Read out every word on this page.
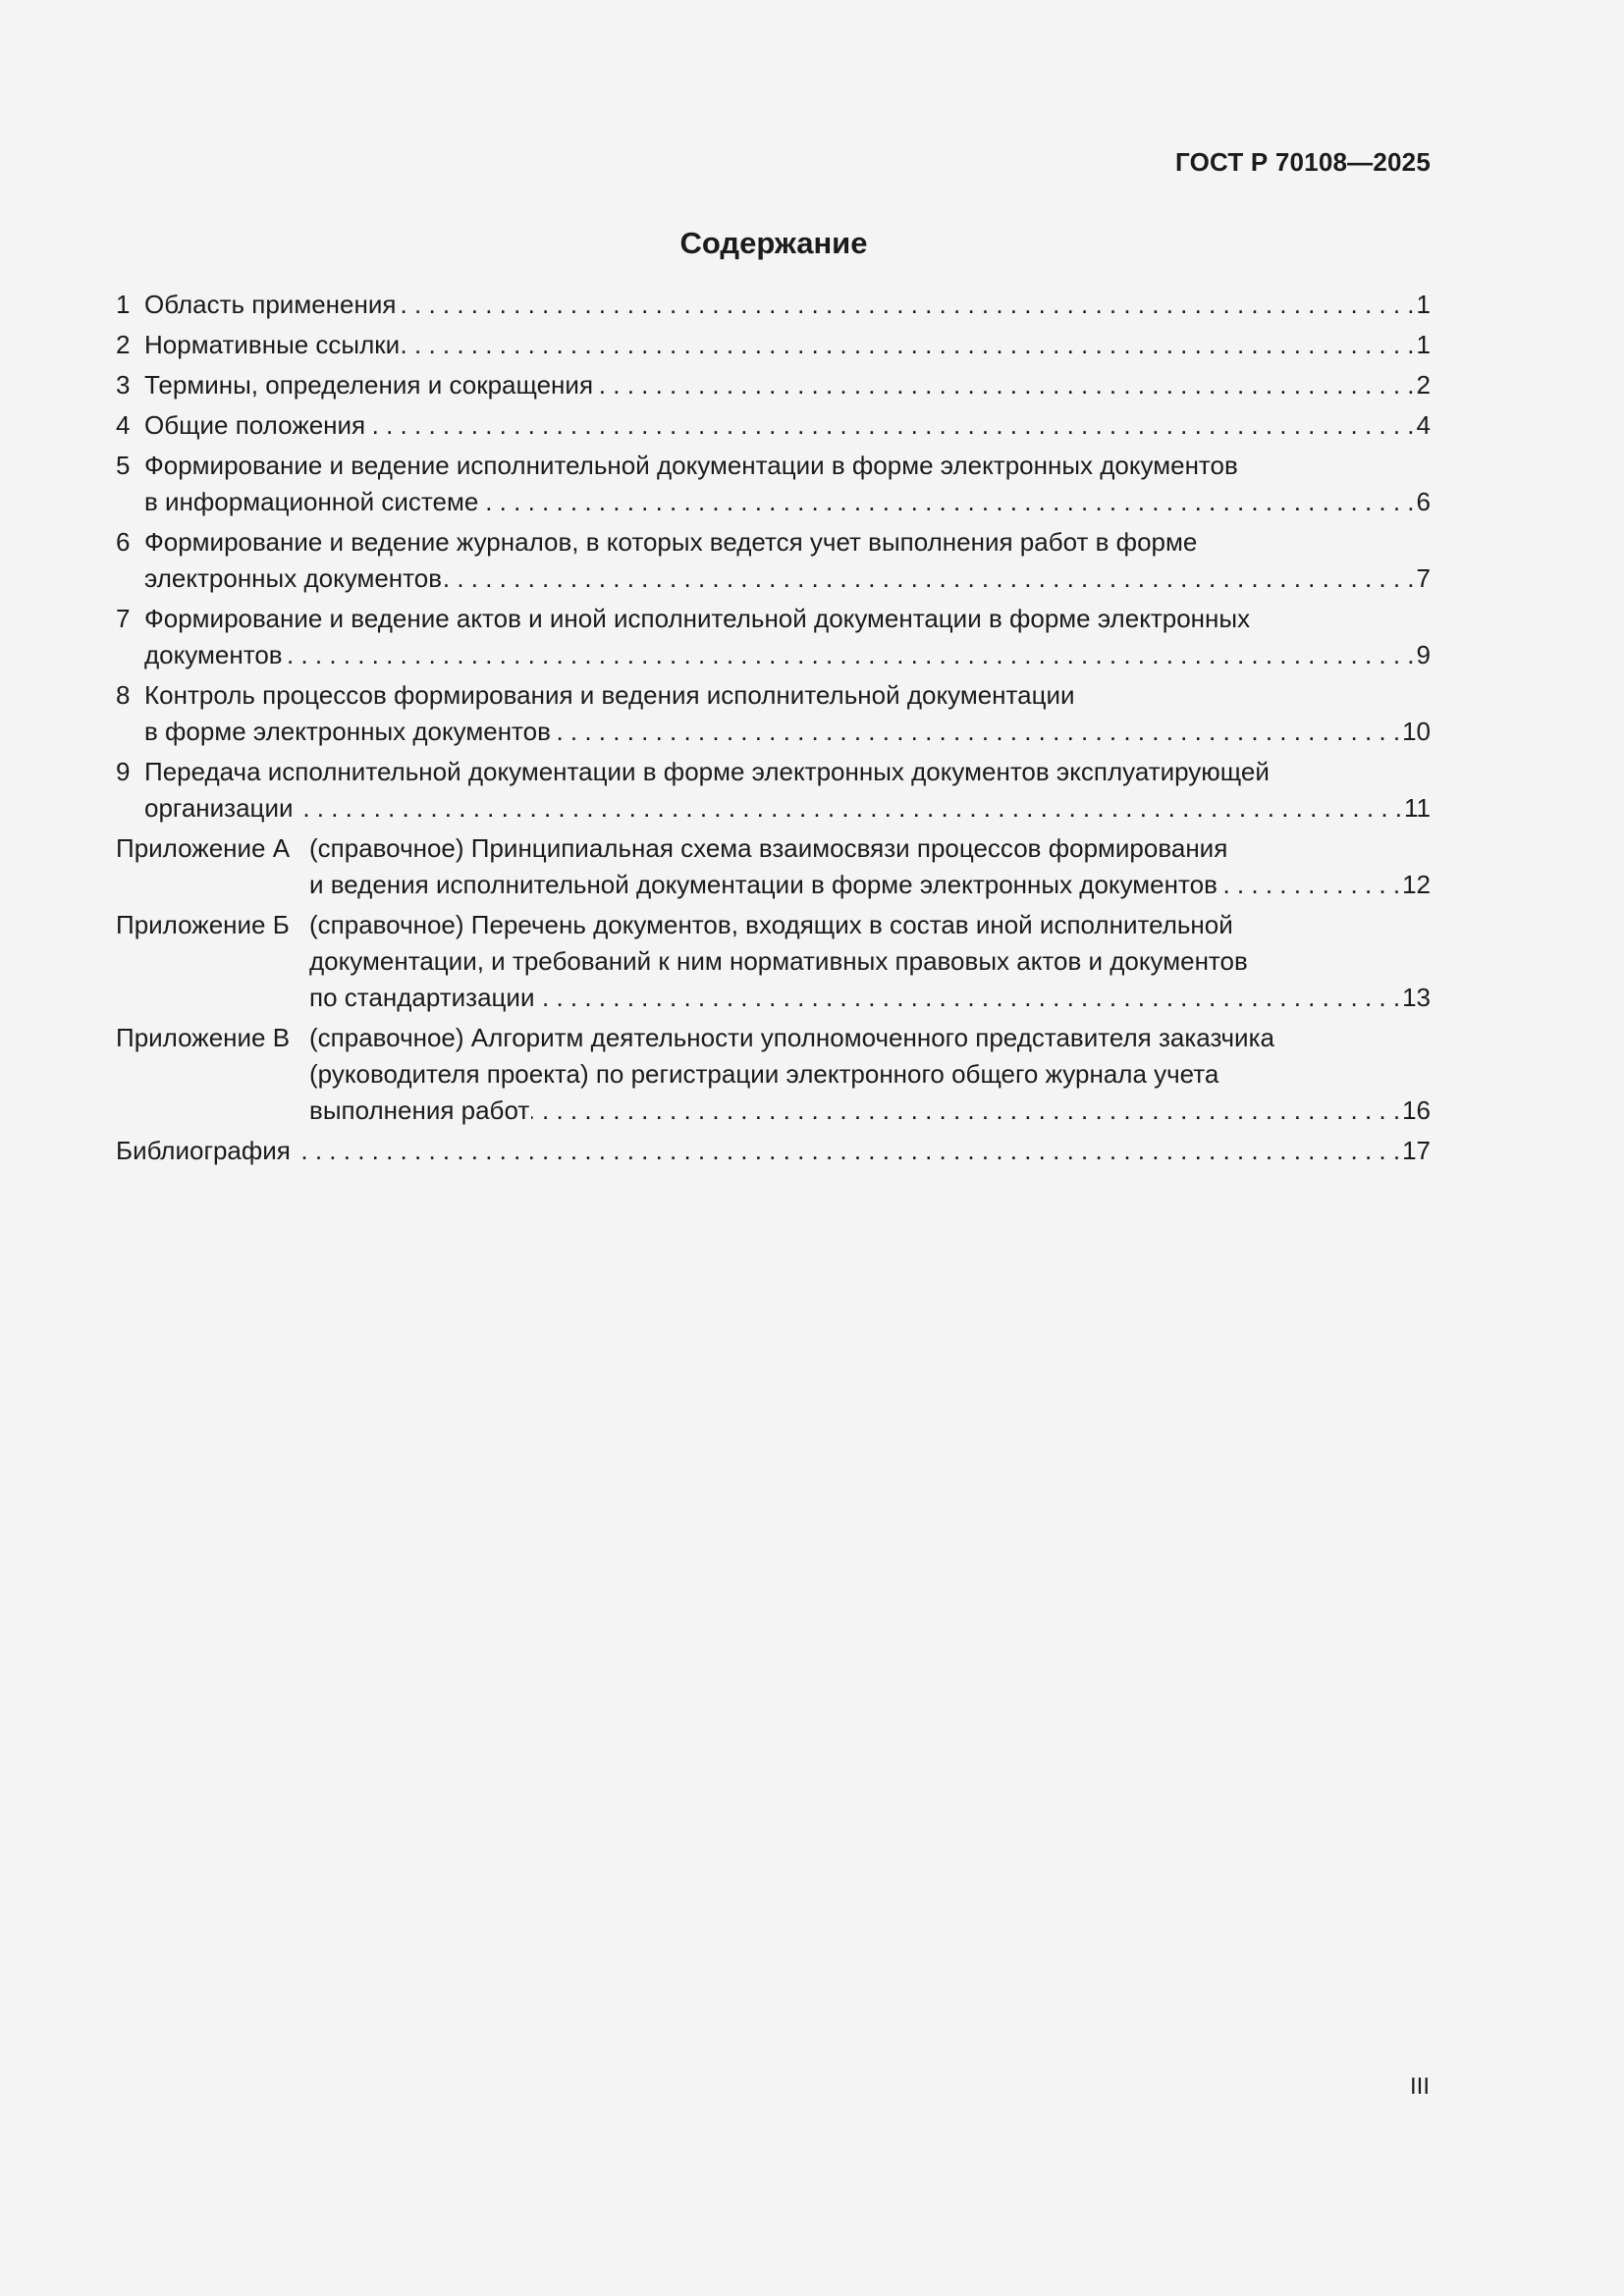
ГОСТ Р 70108—2025
Содержание
1 Область применения . . .	1
2 Нормативные ссылки . . .	1
3 Термины, определения и сокращения . . .	2
4 Общие положения . . .	4
5 Формирование и ведение исполнительной документации в форме электронных документов
в информационной системе . . .	6
6 Формирование и ведение журналов, в которых ведется учет выполнения работ в форме
электронных документов . . .	7
7 Формирование и ведение актов и иной исполнительной документации в форме электронных
документов . . .	9
8 Контроль процессов формирования и ведения исполнительной документации
в форме электронных документов . . .	10
9 Передача исполнительной документации в форме электронных документов эксплуатирующей
организации . . .	11
Приложение А (справочное) Принципиальная схема взаимосвязи процессов формирования
и ведения исполнительной документации в форме электронных документов . . .	12
Приложение Б (справочное) Перечень документов, входящих в состав иной исполнительной
документации, и требований к ним нормативных правовых актов и документов
по стандартизации . . .	13
Приложение В (справочное) Алгоритм деятельности уполномоченного представителя заказчика
(руководителя проекта) по регистрации электронного общего журнала учета
выполнения работ . . .	16
Библиография . . .	17
III
